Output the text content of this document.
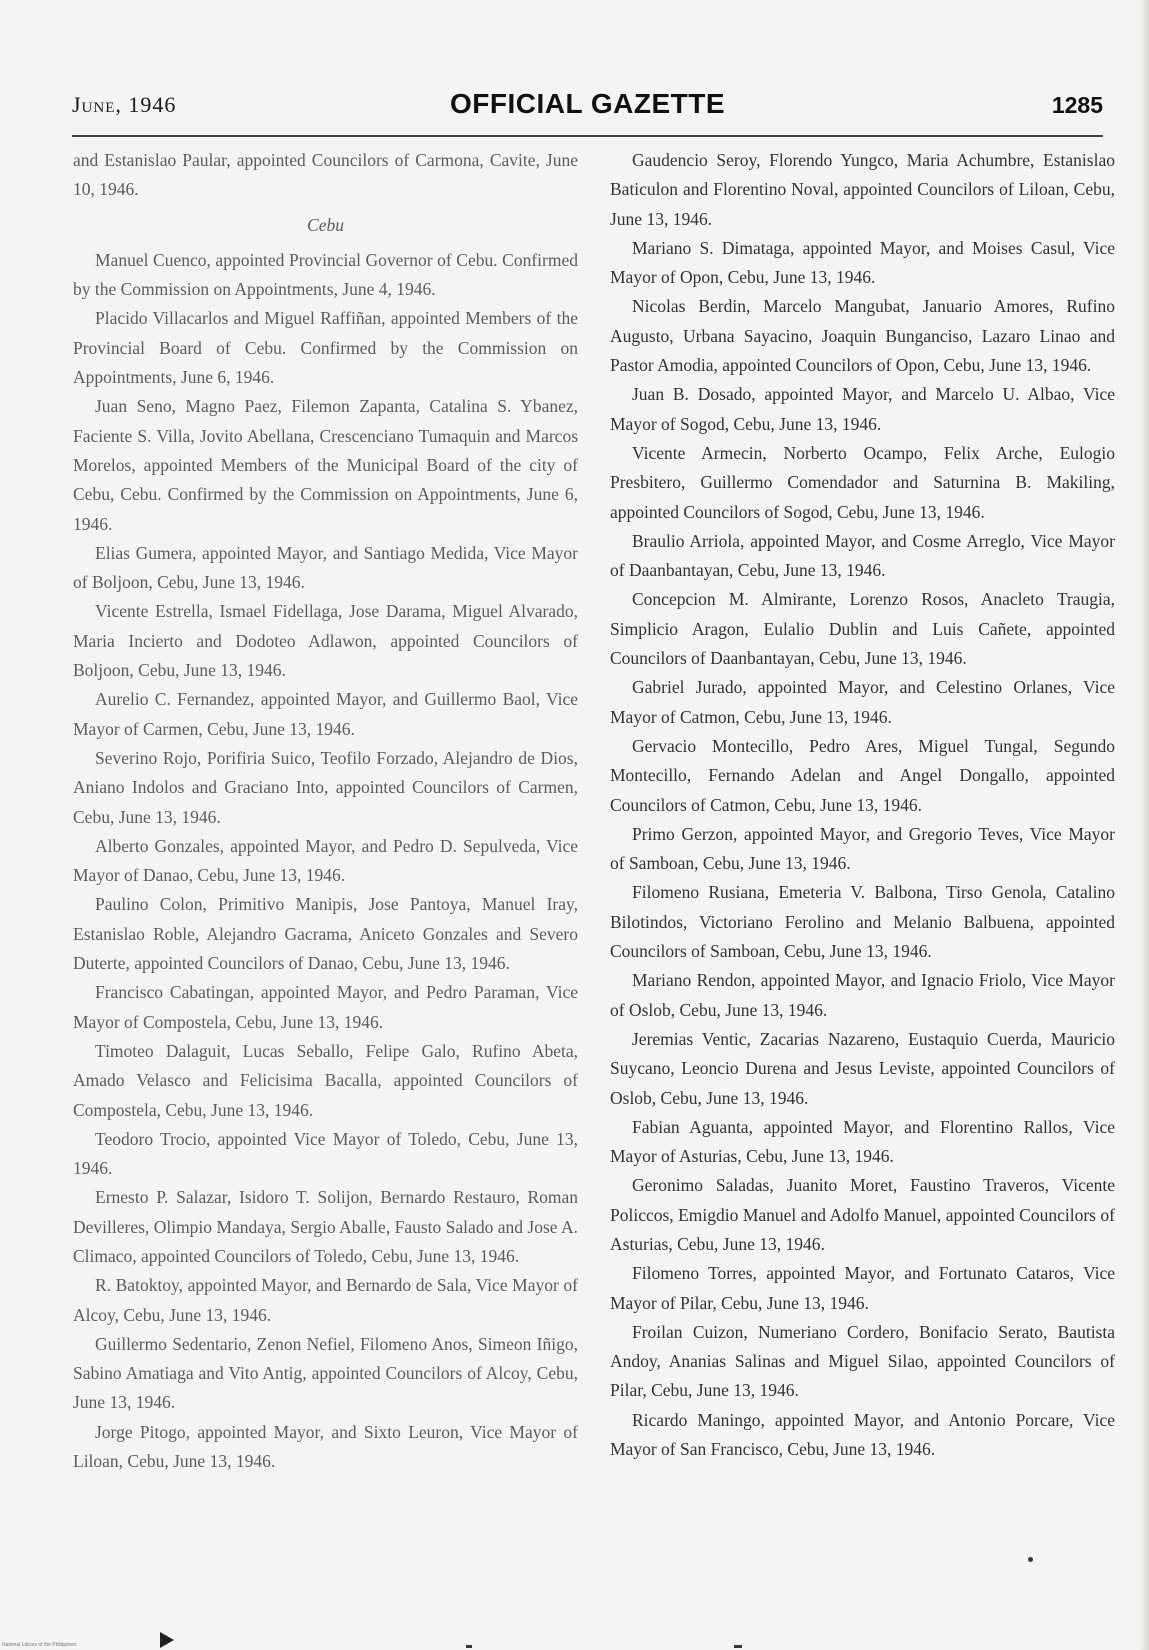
June, 1946	OFFICIAL GAZETTE	1285

and Estanislao Paular, appointed Councilors of Carmona, Cavite, June 10, 1946.

Cebu

Manuel Cuenco, appointed Provincial Governor of Cebu. Confirmed by the Commission on Appointments, June 4, 1946.

Placido Villacarlos and Miguel Raffiñan, appointed Members of the Provincial Board of Cebu. Confirmed by the Commission on Appointments, June 6, 1946.

Juan Seno, Magno Paez, Filemon Zapanta, Catalina S. Ybanez, Faciente S. Villa, Jovito Abellana, Crescenciano Tumaquin and Marcos Morelos, appointed Members of the Municipal Board of the city of Cebu, Cebu. Confirmed by the Commission on Appointments, June 6, 1946.

Elias Gumera, appointed Mayor, and Santiago Medida, Vice Mayor of Boljoon, Cebu, June 13, 1946.

Vicente Estrella, Ismael Fidellaga, Jose Darama, Miguel Alvarado, Maria Incierto and Dodoteo Adlawon, appointed Councilors of Boljoon, Cebu, June 13, 1946.

Aurelio C. Fernandez, appointed Mayor, and Guillermo Baol, Vice Mayor of Carmen, Cebu, June 13, 1946.

Severino Rojo, Porifiria Suico, Teofilo Forzado, Alejandro de Dios, Aniano Indolos and Graciano Into, appointed Councilors of Carmen, Cebu, June 13, 1946.

Alberto Gonzales, appointed Mayor, and Pedro D. Sepulveda, Vice Mayor of Danao, Cebu, June 13, 1946.

Paulino Colon, Primitivo Manipis, Jose Pantoya, Manuel Iray, Estanislao Roble, Alejandro Gacrama, Aniceto Gonzales and Severo Duterte, appointed Councilors of Danao, Cebu, June 13, 1946.

Francisco Cabatingan, appointed Mayor, and Pedro Paraman, Vice Mayor of Compostela, Cebu, June 13, 1946.

Timoteo Dalaguit, Lucas Seballo, Felipe Galo, Rufino Abeta, Amado Velasco and Felicisima Bacalla, appointed Councilors of Compostela, Cebu, June 13, 1946.

Teodoro Trocio, appointed Vice Mayor of Toledo, Cebu, June 13, 1946.

Ernesto P. Salazar, Isidoro T. Solijon, Bernardo Restauro, Roman Devilleres, Olimpio Mandaya, Sergio Aballe, Fausto Salado and Jose A. Climaco, appointed Councilors of Toledo, Cebu, June 13, 1946.

R. Batoktoy, appointed Mayor, and Bernardo de Sala, Vice Mayor of Alcoy, Cebu, June 13, 1946.

Guillermo Sedentario, Zenon Nefiel, Filomeno Anos, Simeon Iñigo, Sabino Amatiaga and Vito Antig, appointed Councilors of Alcoy, Cebu, June 13, 1946.

Jorge Pitogo, appointed Mayor, and Sixto Leuron, Vice Mayor of Liloan, Cebu, June 13, 1946.

Gaudencio Seroy, Florendo Yungco, Maria Achumbre, Estanislao Baticulon and Florentino Noval, appointed Councilors of Liloan, Cebu, June 13, 1946.

Mariano S. Dimataga, appointed Mayor, and Moises Casul, Vice Mayor of Opon, Cebu, June 13, 1946.

Nicolas Berdin, Marcelo Mangubat, Januario Amores, Rufino Augusto, Urbana Sayacino, Joaquin Bunganciso, Lazaro Linao and Pastor Amodia, appointed Councilors of Opon, Cebu, June 13, 1946.

Juan B. Dosado, appointed Mayor, and Marcelo U. Albao, Vice Mayor of Sogod, Cebu, June 13, 1946.

Vicente Armecin, Norberto Ocampo, Felix Arche, Eulogio Presbitero, Guillermo Comendador and Saturnina B. Makiling, appointed Councilors of Sogod, Cebu, June 13, 1946.

Braulio Arriola, appointed Mayor, and Cosme Arreglo, Vice Mayor of Daanbantayan, Cebu, June 13, 1946.

Concepcion M. Almirante, Lorenzo Rosos, Anacleto Traugia, Simplicio Aragon, Eulalio Dublin and Luis Cañete, appointed Councilors of Daanbantayan, Cebu, June 13, 1946.

Gabriel Jurado, appointed Mayor, and Celestino Orlanes, Vice Mayor of Catmon, Cebu, June 13, 1946.

Gervacio Montecillo, Pedro Ares, Miguel Tungal, Segundo Montecillo, Fernando Adelan and Angel Dongallo, appointed Councilors of Catmon, Cebu, June 13, 1946.

Primo Gerzon, appointed Mayor, and Gregorio Teves, Vice Mayor of Samboan, Cebu, June 13, 1946.

Filomeno Rusiana, Emeteria V. Balbona, Tirso Genola, Catalino Bilotindos, Victoriano Ferolino and Melanio Balbuena, appointed Councilors of Samboan, Cebu, June 13, 1946.

Mariano Rendon, appointed Mayor, and Ignacio Friolo, Vice Mayor of Oslob, Cebu, June 13, 1946.

Jeremias Ventic, Zacarias Nazareno, Eustaquio Cuerda, Mauricio Suycano, Leoncio Durena and Jesus Leviste, appointed Councilors of Oslob, Cebu, June 13, 1946.

Fabian Aguanta, appointed Mayor, and Florentino Rallos, Vice Mayor of Asturias, Cebu, June 13, 1946.

Geronimo Saladas, Juanito Moret, Faustino Traveros, Vicente Policcos, Emigdio Manuel and Adolfo Manuel, appointed Councilors of Asturias, Cebu, June 13, 1946.

Filomeno Torres, appointed Mayor, and Fortunato Cataros, Vice Mayor of Pilar, Cebu, June 13, 1946.

Froilan Cuizon, Numeriano Cordero, Bonifacio Serato, Bautista Andoy, Ananias Salinas and Miguel Silao, appointed Councilors of Pilar, Cebu, June 13, 1946.

Ricardo Maningo, appointed Mayor, and Antonio Porcare, Vice Mayor of San Francisco, Cebu, June 13, 1946.

National Library of the Philippines
